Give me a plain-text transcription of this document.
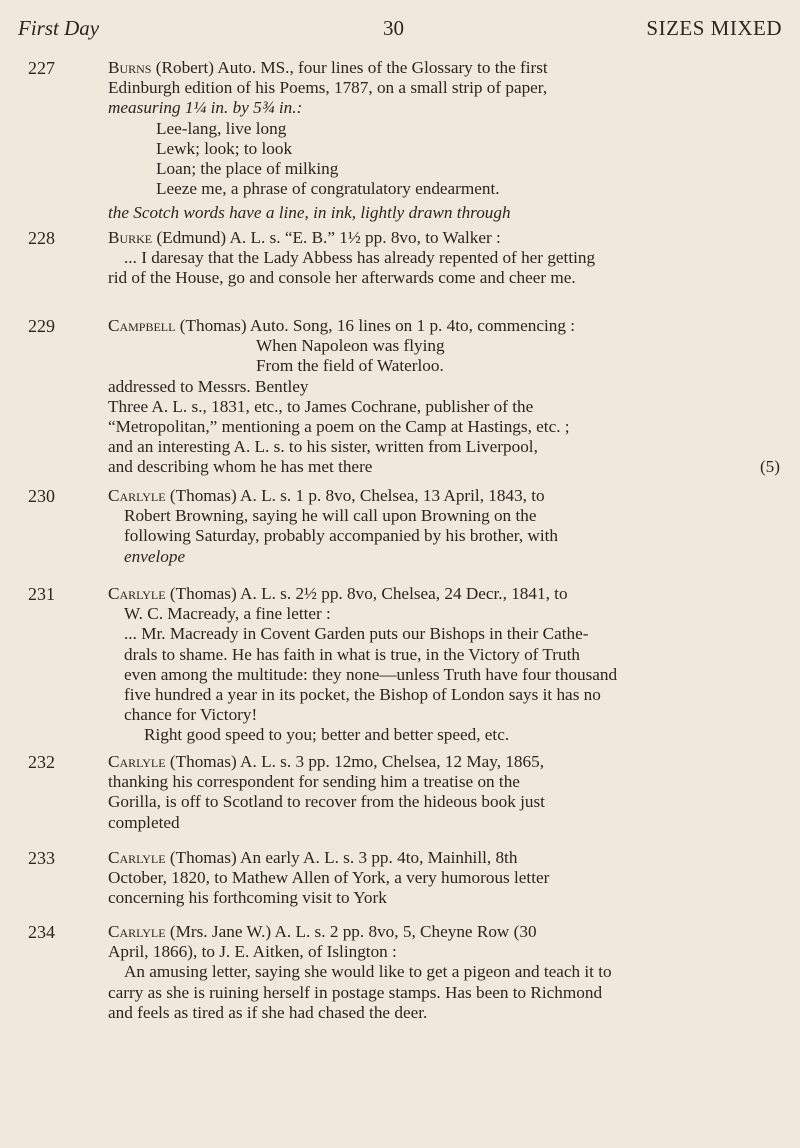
First Day	30	SIZES MIXED
227	Burns (Robert) Auto. MS., four lines of the Glossary to the first
Edinburgh edition of his Poems, 1787, on a small strip of paper,
measuring 1¼ in. by 5¾ in.:
Lee-lang, live long
Lewk; look; to look
Loan; the place of milking
Leeze me, a phrase of congratulatory endearment.
the Scotch words have a line, in ink, lightly drawn through
228	Burke (Edmund) A. L. s. “E. B.” 1½ pp. 8vo, to Walker :
... I daresay that the Lady Abbess has already repented of her getting
rid of the House, go and console her afterwards come and cheer me.
229	Campbell (Thomas) Auto. Song, 16 lines on 1 p. 4to, commencing :
When Napoleon was flying
From the field of Waterloo.
addressed to Messrs. Bentley
Three A. L. s., 1831, etc., to James Cochrane, publisher of the
“Metropolitan,” mentioning a poem on the Camp at Hastings, etc. ;
and an interesting A. L. s. to his sister, written from Liverpool,
and describing whom he has met there	(5)
230	Carlyle (Thomas) A. L. s. 1 p. 8vo, Chelsea, 13 April, 1843, to
Robert Browning, saying he will call upon Browning on the
following Saturday, probably accompanied by his brother, with
envelope
231	Carlyle (Thomas) A. L. s. 2½ pp. 8vo, Chelsea, 24 Decr., 1841, to
W. C. Macready, a fine letter :
... Mr. Macready in Covent Garden puts our Bishops in their Cathe-
drals to shame. He has faith in what is true, in the Victory of Truth
even among the multitude: they none—unless Truth have four thousand
five hundred a year in its pocket, the Bishop of London says it has no
chance for Victory!
Right good speed to you; better and better speed, etc.
232	Carlyle (Thomas) A. L. s. 3 pp. 12mo, Chelsea, 12 May, 1865,
thanking his correspondent for sending him a treatise on the
Gorilla, is off to Scotland to recover from the hideous book just
completed
233	Carlyle (Thomas) An early A. L. s. 3 pp. 4to, Mainhill, 8th
October, 1820, to Mathew Allen of York, a very humorous letter
concerning his forthcoming visit to York
234	Carlyle (Mrs. Jane W.) A. L. s. 2 pp. 8vo, 5, Cheyne Row (30
April, 1866), to J. E. Aitken, of Islington :
An amusing letter, saying she would like to get a pigeon and teach it to
carry as she is ruining herself in postage stamps. Has been to Richmond
and feels as tired as if she had chased the deer.
